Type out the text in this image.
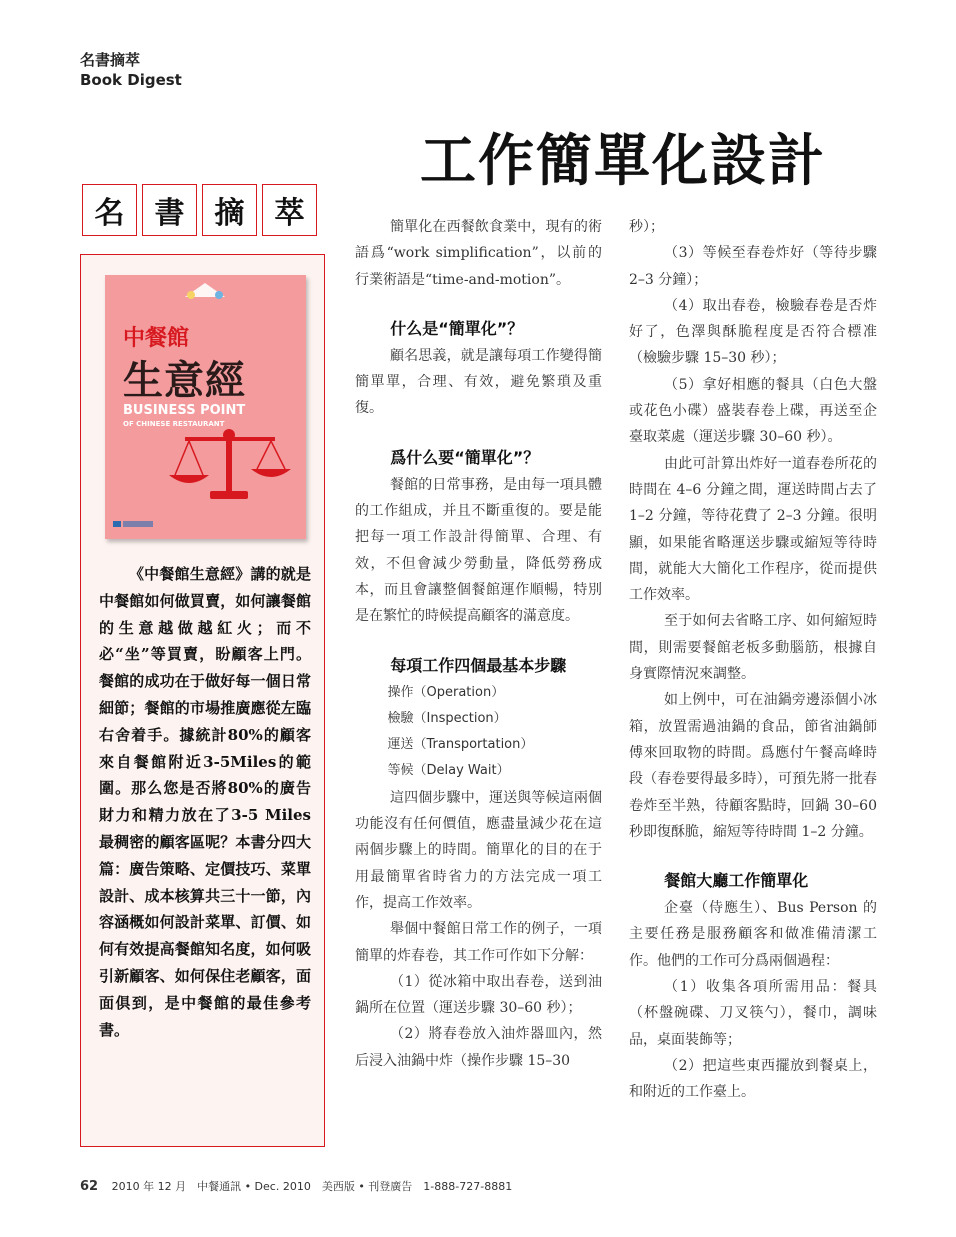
名書摘萃
Book Digest
工作簡單化設計
名	書	摘	萃
中餐館
生意經
BUSINESS POINT
OF CHINESE RESTAURANT

《中餐館生意經》講的就是中餐館如何做買賣，如何讓餐館的生意越做越紅火；而不必“坐”等買賣，盼顧客上門。餐館的成功在于做好每一個日常細節；餐館的市場推廣應從左臨右舍着手。據統計80%的顧客來自餐館附近3-5Miles的範圍。那么您是否將80%的廣告財力和精力放在了3-5 Miles最稠密的顧客區呢？本書分四大篇：廣告策略、定價技巧、菜單設計、成本核算共三十一節，內容涵概如何設計菜單、訂價、如何有效提高餐館知名度，如何吸引新顧客、如何保住老顧客，面面俱到，是中餐館的最佳參考書。

簡單化在西餐飲食業中，現有的術語爲“work simplification”，以前的行業術語是“time-and-motion”。

什么是“簡單化”？

顧名思義，就是讓每項工作變得簡簡單單，合理、有效，避免繁瑣及重復。

爲什么要“簡單化”？

餐館的日常事務，是由每一項具體的工作組成，并且不斷重復的。要是能把每一項工作設計得簡單、合理、有效，不但會減少勞動量，降低勞務成本，而且會讓整個餐館運作順暢，特別是在繁忙的時候提高顧客的滿意度。

每項工作四個最基本步驟

操作（Operation）

檢驗（Inspection）

運送（Transportation）

等候（Delay Wait）

這四個步驟中，運送與等候這兩個功能沒有任何價值，應盡量減少花在這兩個步驟上的時間。簡單化的目的在于用最簡單省時省力的方法完成一項工作，提高工作效率。

舉個中餐館日常工作的例子，一項簡單的炸春卷，其工作可作如下分解：

（1）從冰箱中取出春卷，送到油鍋所在位置（運送步驟 30–60 秒）；

（2）將春卷放入油炸器皿內，然后浸入油鍋中炸（操作步驟 15–30

秒）；

（3）等候至春卷炸好（等待步驟 2–3 分鐘）；

（4）取出春卷，檢驗春卷是否炸好了，色澤與酥脆程度是否符合標准（檢驗步驟 15–30 秒）；

（5）拿好相應的餐具（白色大盤或花色小碟）盛裝春卷上碟，再送至企臺取菜處（運送步驟 30–60 秒）。

由此可計算出炸好一道春卷所花的時間在 4–6 分鐘之間，運送時間占去了 1–2 分鐘，等待花費了 2–3 分鐘。很明顯，如果能省略運送步驟或縮短等待時間，就能大大簡化工作程序，從而提供工作效率。

至于如何去省略工序、如何縮短時間，則需要餐館老板多動腦筋，根據自身實際情況來調整。

如上例中，可在油鍋旁邊添個小冰箱，放置需過油鍋的食品，節省油鍋師傅來回取物的時間。爲應付午餐高峰時段（春卷要得最多時），可預先將一批春卷炸至半熟，待顧客點時，回鍋 30–60 秒即復酥脆，縮短等待時間 1–2 分鐘。

餐館大廳工作簡單化

企臺（侍應生）、Bus Person 的主要任務是服務顧客和做准備清潔工作。他們的工作可分爲兩個過程：

（1）收集各項所需用品：餐具（杯盤碗碟、刀叉筷勺），餐巾，調味品，桌面裝飾等；

（2）把這些東西擺放到餐桌上，和附近的工作臺上。

62 2010 年 12 月　中餐通訊 • Dec. 2010　美西版 • 刊登廣告　1-888-727-8881
